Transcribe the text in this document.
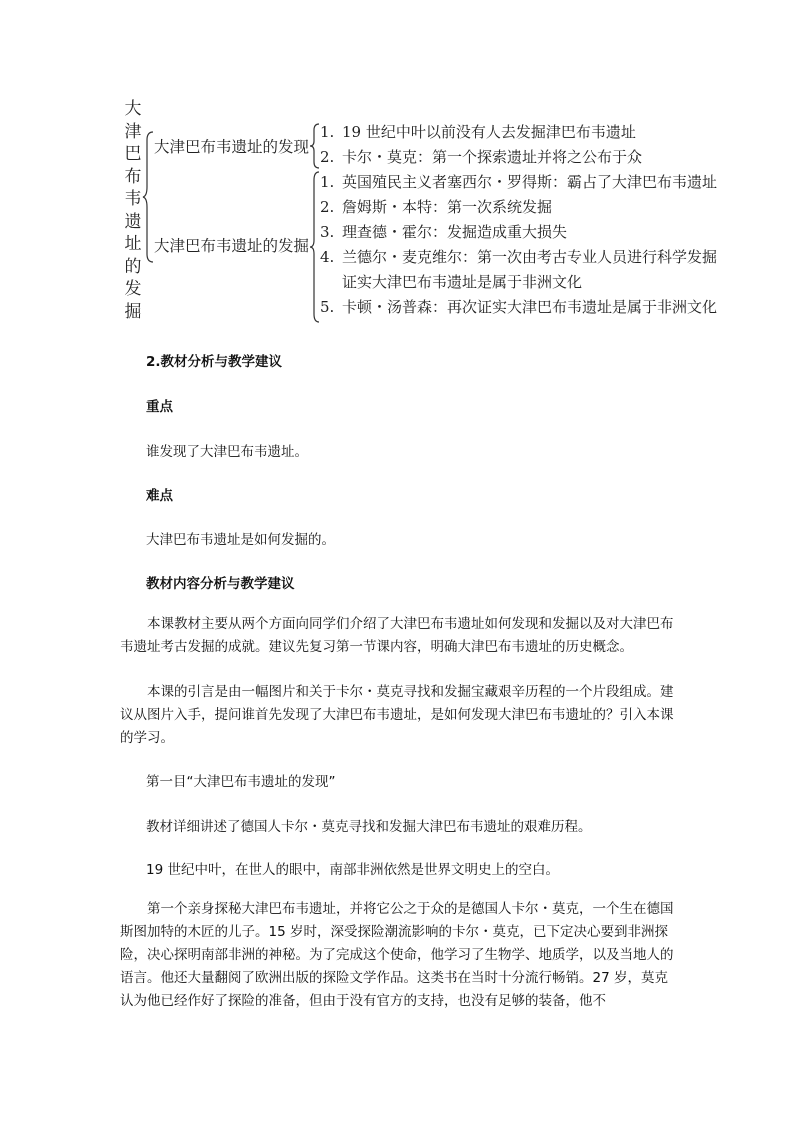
大
津
巴
布
韦
遗
址
的
发
掘
大津巴布韦遗址的发现
大津巴布韦遗址的发掘
1. 19 世纪中叶以前没有人去发掘津巴布韦遗址
2. 卡尔・莫克：第一个探索遗址并将之公布于众
1. 英国殖民主义者塞西尔・罗得斯：霸占了大津巴布韦遗址
2. 詹姆斯・本特：第一次系统发掘
3. 理查德・霍尔：发掘造成重大损失
4. 兰德尔・麦克维尔：第一次由考古专业人员进行科学发掘
证实大津巴布韦遗址是属于非洲文化
5. 卡顿・汤普森：再次证实大津巴布韦遗址是属于非洲文化
2.教材分析与教学建议
重点
谁发现了大津巴布韦遗址。
难点
大津巴布韦遗址是如何发掘的。
教材内容分析与教学建议

本课教材主要从两个方面向同学们介绍了大津巴布韦遗址如何发现和发掘以及对大津巴布韦遗址考古发掘的成就。建议先复习第一节课内容，明确大津巴布韦遗址的历史概念。

本课的引言是由一幅图片和关于卡尔・莫克寻找和发掘宝藏艰辛历程的一个片段组成。建议从图片入手，提问谁首先发现了大津巴布韦遗址，是如何发现大津巴布韦遗址的？引入本课的学习。

第一目“大津巴布韦遗址的发现”
教材详细讲述了德国人卡尔・莫克寻找和发掘大津巴布韦遗址的艰难历程。
19 世纪中叶，在世人的眼中，南部非洲依然是世界文明史上的空白。

第一个亲身探秘大津巴布韦遗址，并将它公之于众的是德国人卡尔・莫克，一个生在德国斯图加特的木匠的儿子。15 岁时，深受探险潮流影响的卡尔・莫克，已下定决心要到非洲探险，决心探明南部非洲的神秘。为了完成这个使命，他学习了生物学、地质学，以及当地人的语言。他还大量翻阅了欧洲出版的探险文学作品。这类书在当时十分流行畅销。27 岁，莫克认为他已经作好了探险的准备，但由于没有官方的支持，也没有足够的装备，他不
